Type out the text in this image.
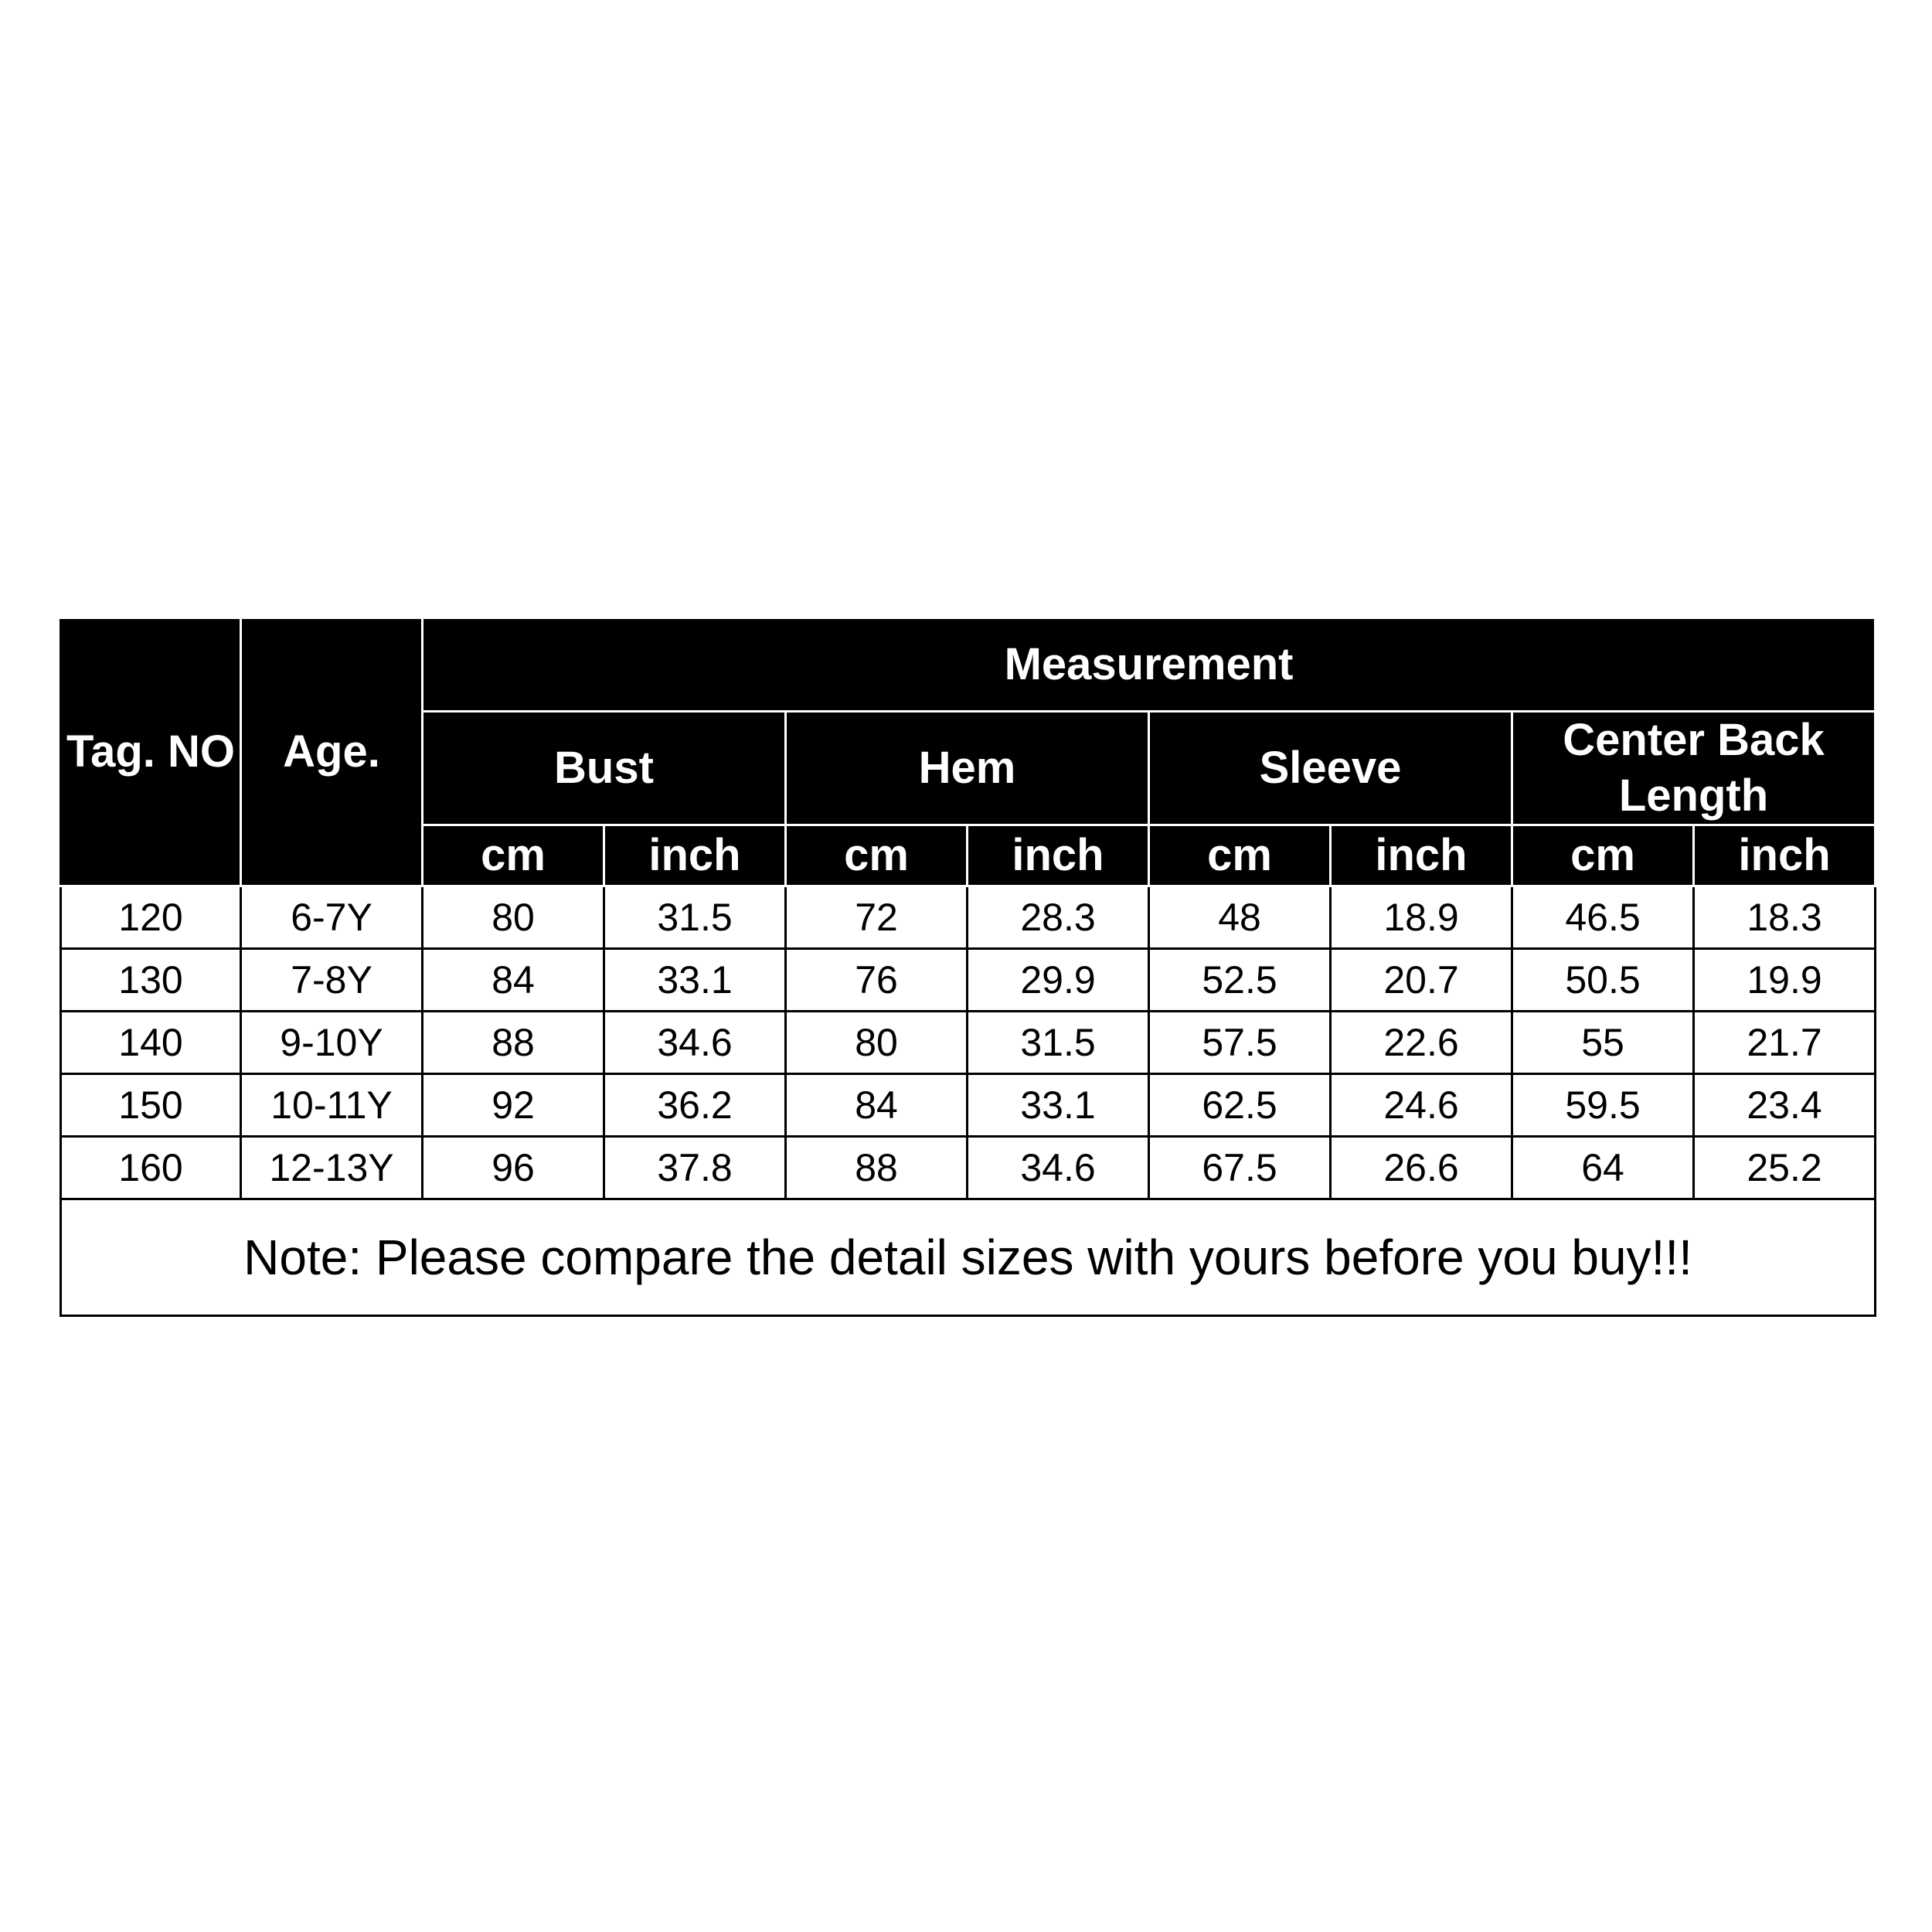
Tag. NO	Age.	Measurement							
		Bust		Hem		Sleeve		Center Back Length	
		cm	inch	cm	inch	cm	inch	cm	inch
120	6-7Y	80	31.5	72	28.3	48	18.9	46.5	18.3
130	7-8Y	84	33.1	76	29.9	52.5	20.7	50.5	19.9
140	9-10Y	88	34.6	80	31.5	57.5	22.6	55	21.7
150	10-11Y	92	36.2	84	33.1	62.5	24.6	59.5	23.4
160	12-13Y	96	37.8	88	34.6	67.5	26.6	64	25.2
Note: Please compare the detail sizes with yours before you buy!!!									
